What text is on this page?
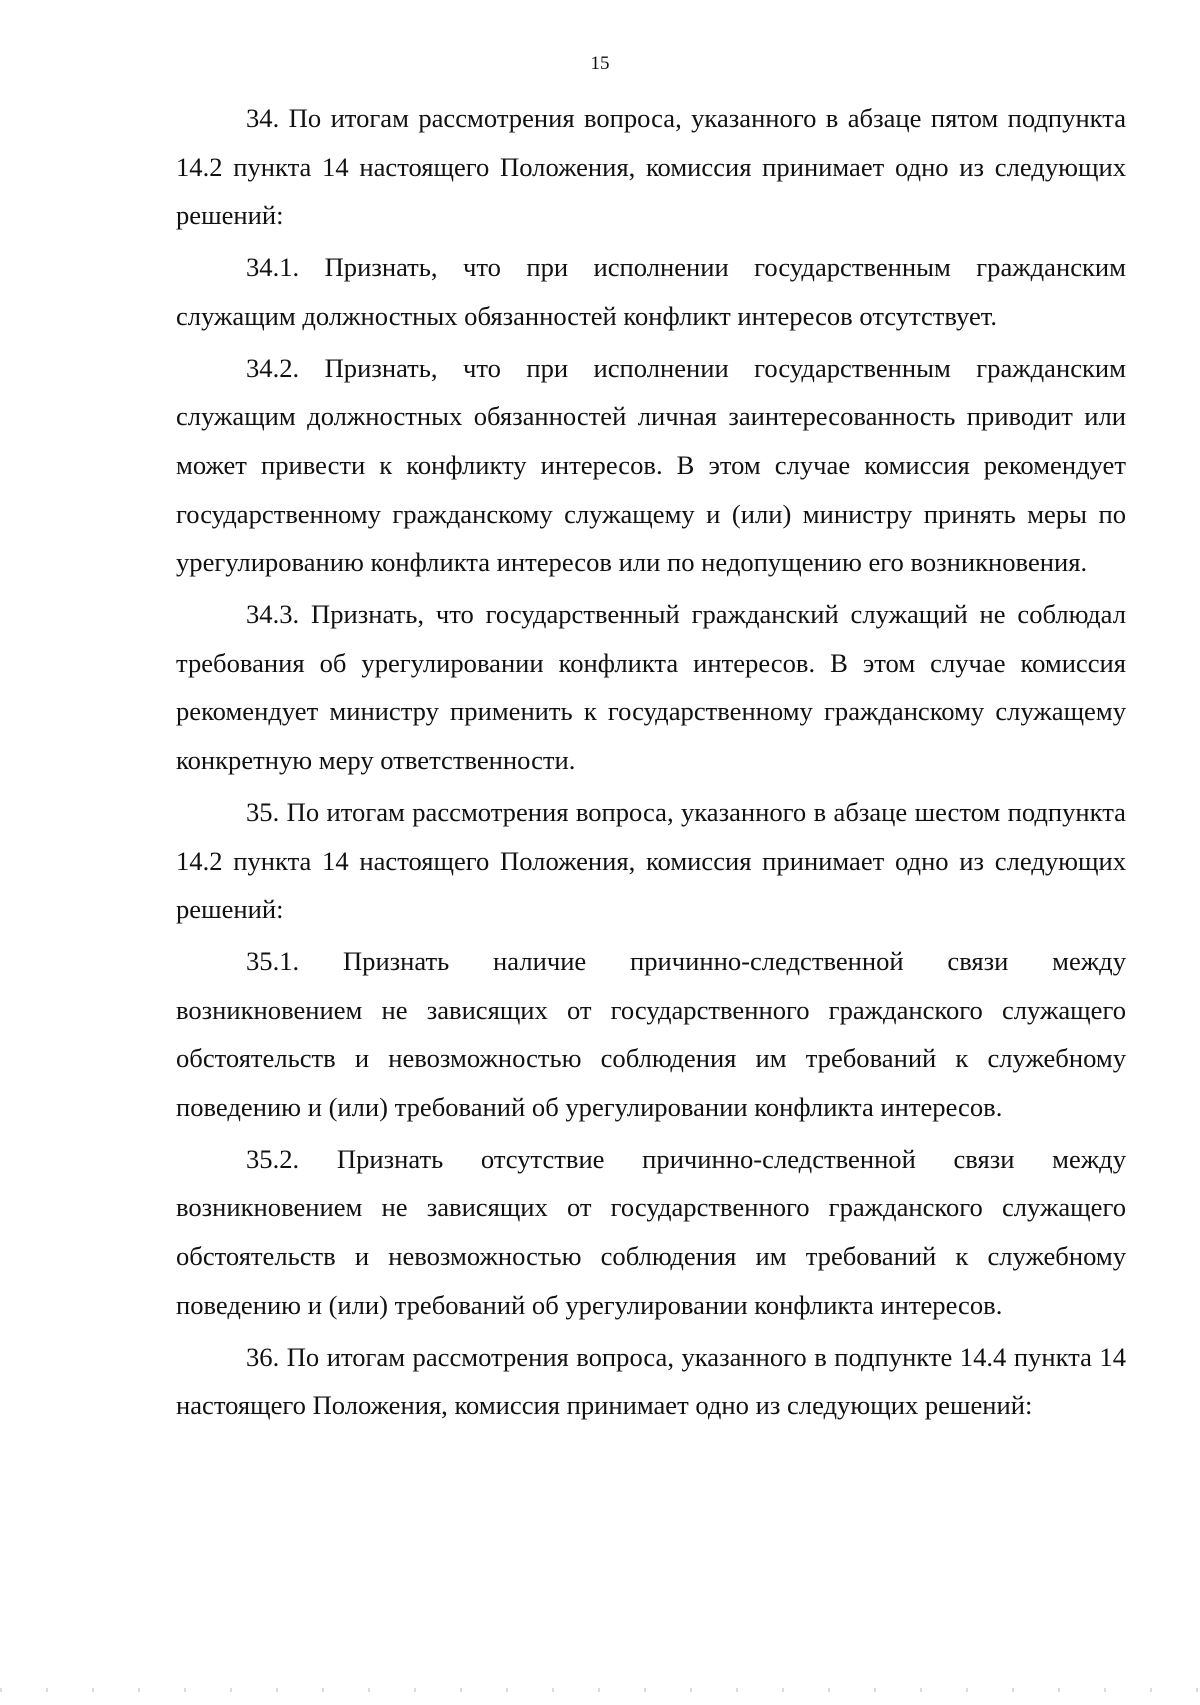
15

34. По итогам рассмотрения вопроса, указанного в абзаце пятом подпункта 14.2 пункта 14 настоящего Положения, комиссия принимает одно из следующих решений:

34.1. Признать, что при исполнении государственным гражданским служащим должностных обязанностей конфликт интересов отсутствует.

34.2. Признать, что при исполнении государственным гражданским служащим должностных обязанностей личная заинтересованность приводит или может привести к конфликту интересов. В этом случае комиссия рекомендует государственному гражданскому служащему и (или) министру принять меры по урегулированию конфликта интересов или по недопущению его возникновения.

34.3. Признать, что государственный гражданский служащий не соблюдал требования об урегулировании конфликта интересов. В этом случае комиссия рекомендует министру применить к государственному гражданскому служащему конкретную меру ответственности.

35. По итогам рассмотрения вопроса, указанного в абзаце шестом подпункта 14.2 пункта 14 настоящего Положения, комиссия принимает одно из следующих решений:

35.1. Признать наличие причинно-следственной связи между возникновением не зависящих от государственного гражданского служащего обстоятельств и невозможностью соблюдения им требований к служебному поведению и (или) требований об урегулировании конфликта интересов.

35.2. Признать отсутствие причинно-следственной связи между возникновением не зависящих от государственного гражданского служащего обстоятельств и невозможностью соблюдения им требований к служебному поведению и (или) требований об урегулировании конфликта интересов.

36. По итогам рассмотрения вопроса, указанного в подпункте 14.4 пункта 14 настоящего Положения, комиссия принимает одно из следующих решений:
